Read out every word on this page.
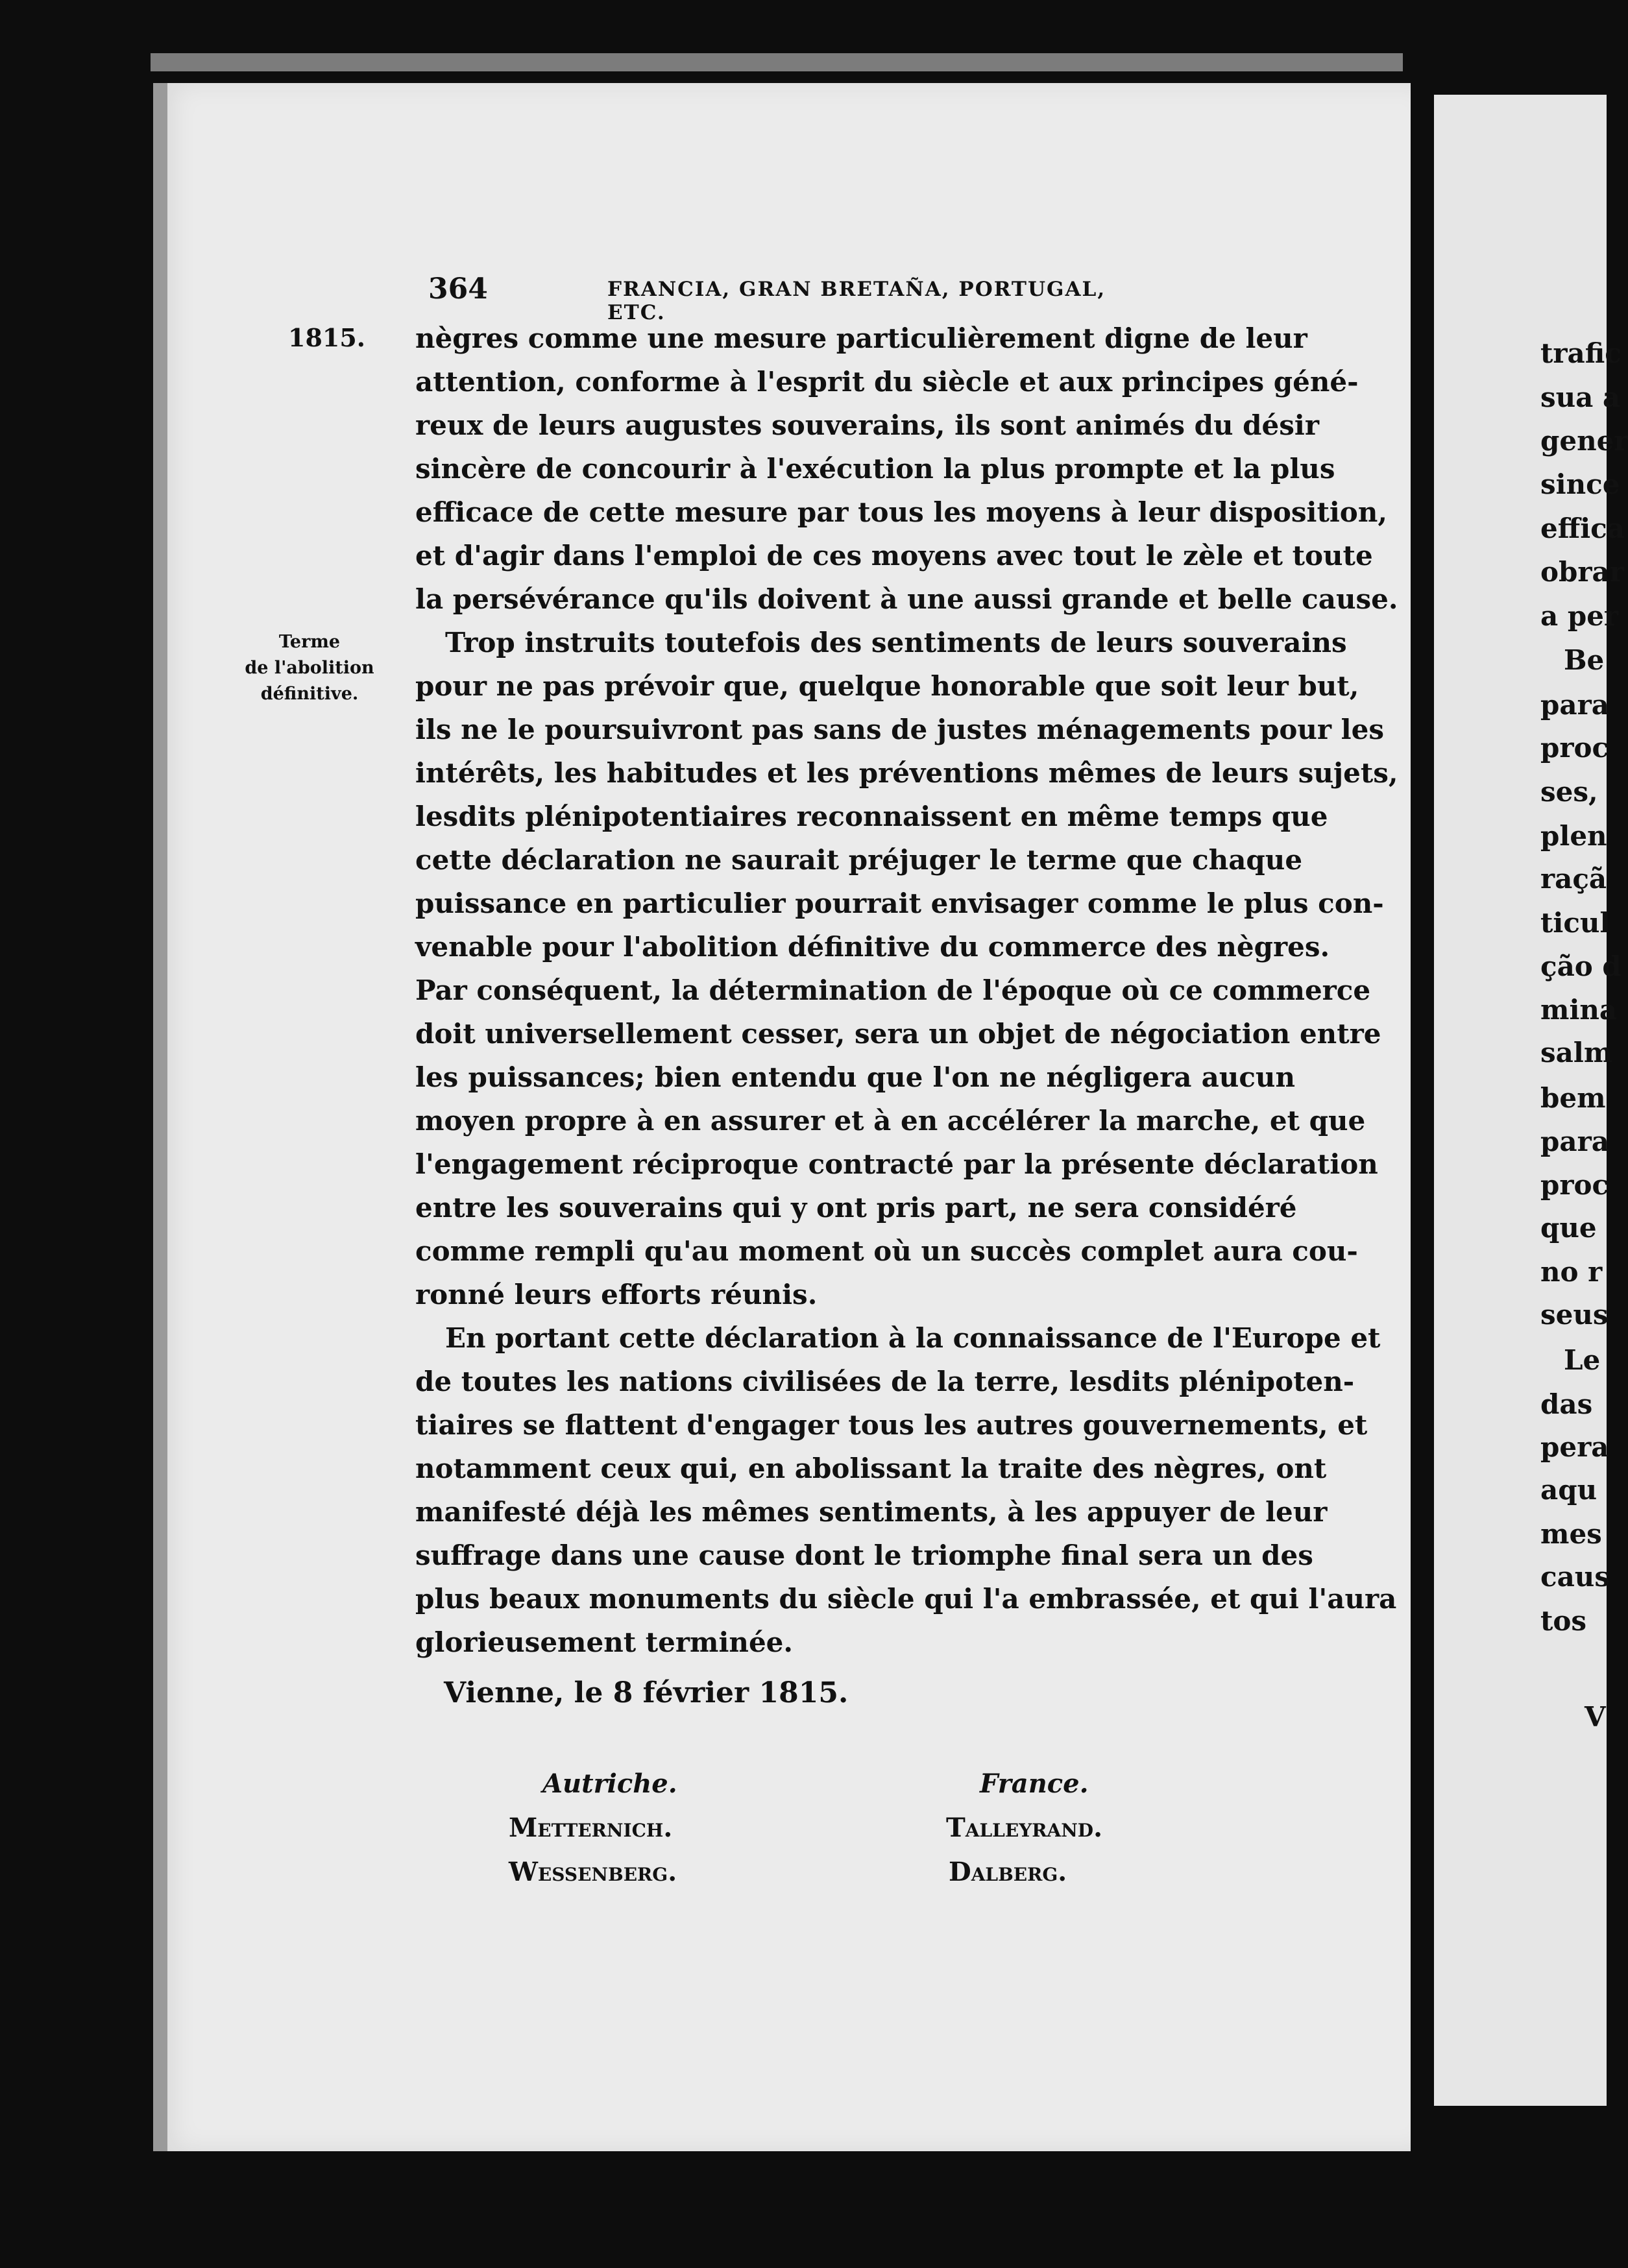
364	FRANCIA, GRAN BRETAÑA, PORTUGAL, ETC.
1815.
Terme
de l'abolition
définitive.
nègres comme une mesure particulièrement digne de leur
attention, conforme à l'esprit du siècle et aux principes géné-
reux de leurs augustes souverains, ils sont animés du désir
sincère de concourir à l'exécution la plus prompte et la plus
efficace de cette mesure par tous les moyens à leur disposition,
et d'agir dans l'emploi de ces moyens avec tout le zèle et toute
la persévérance qu'ils doivent à une aussi grande et belle cause.
Trop instruits toutefois des sentiments de leurs souverains
pour ne pas prévoir que, quelque honorable que soit leur but,
ils ne le poursuivront pas sans de justes ménagements pour les
intérêts, les habitudes et les préventions mêmes de leurs sujets,
lesdits plénipotentiaires reconnaissent en même temps que
cette déclaration ne saurait préjuger le terme que chaque
puissance en particulier pourrait envisager comme le plus con-
venable pour l'abolition définitive du commerce des nègres.
Par conséquent, la détermination de l'époque où ce commerce
doit universellement cesser, sera un objet de négociation entre
les puissances; bien entendu que l'on ne négligera aucun
moyen propre à en assurer et à en accélérer la marche, et que
l'engagement réciproque contracté par la présente déclaration
entre les souverains qui y ont pris part, ne sera considéré
comme rempli qu'au moment où un succès complet aura cou-
ronné leurs efforts réunis.
En portant cette déclaration à la connaissance de l'Europe et
de toutes les nations civilisées de la terre, lesdits plénipoten-
tiaires se flattent d'engager tous les autres gouvernements, et
notamment ceux qui, en abolissant la traite des nègres, ont
manifesté déjà les mêmes sentiments, à les appuyer de leur
suffrage dans une cause dont le triomphe final sera un des
plus beaux monuments du siècle qui l'a embrassée, et qui l'aura
glorieusement terminée.
Vienne, le 8 février 1815.
Autriche.
Metternich.
Wessenberg.
France.
Talleyrand.
Dalberg.
trafic
sua a
gener
since
effica
obrar
a per
Be
para
proc
ses,
plen
raçã
ticul
ção d
mina
salm
bem
para
proc
que
no r
seus
Le
das
pera
aqu
mes
caus
tos
V
